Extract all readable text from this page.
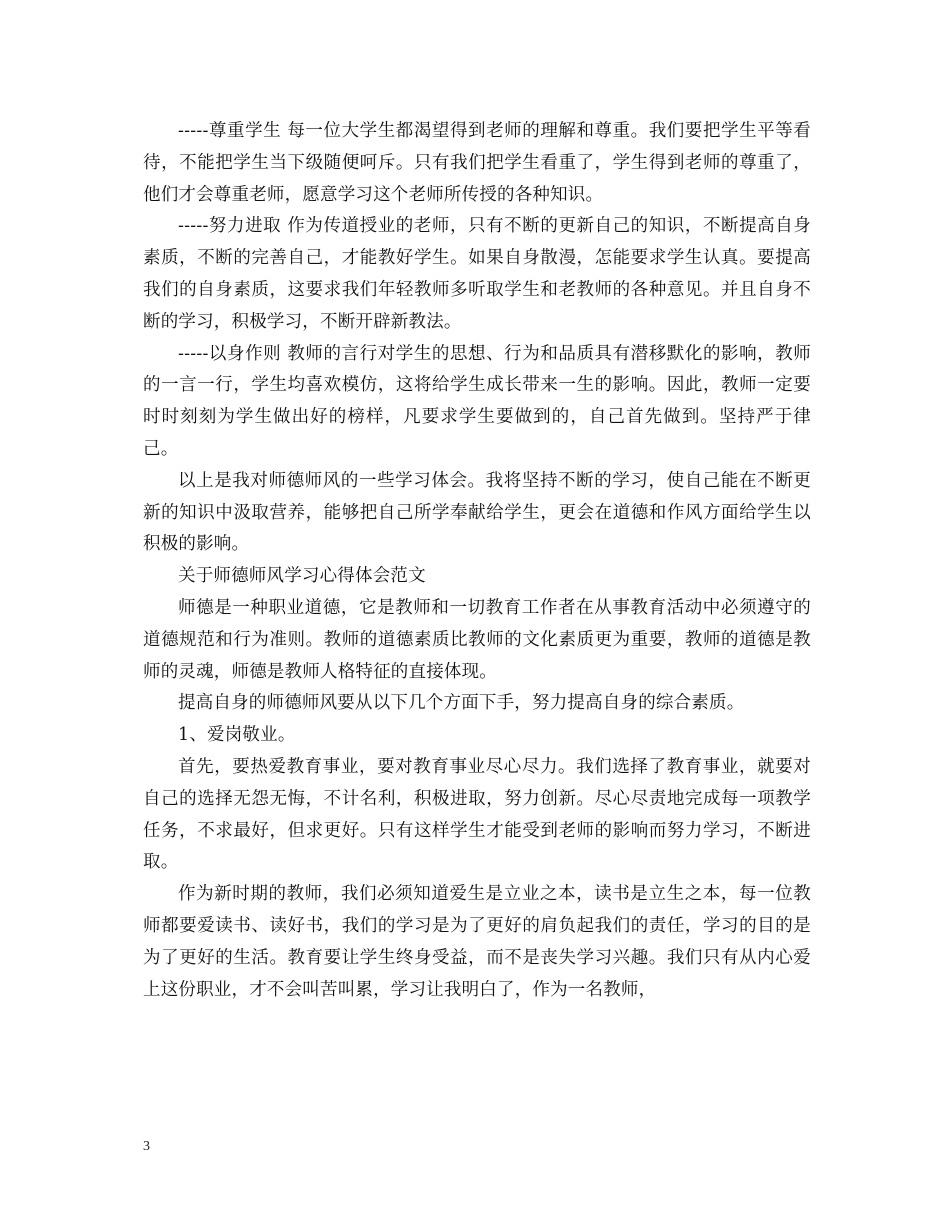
-----尊重学生 每一位大学生都渴望得到老师的理解和尊重。我们要把学生平等看待，不能把学生当下级随便呵斥。只有我们把学生看重了，学生得到老师的尊重了，他们才会尊重老师，愿意学习这个老师所传授的各种知识。

-----努力进取 作为传道授业的老师，只有不断的更新自己的知识，不断提高自身素质，不断的完善自己，才能教好学生。如果自身散漫，怎能要求学生认真。要提高我们的自身素质，这要求我们年轻教师多听取学生和老教师的各种意见。并且自身不断的学习，积极学习，不断开辟新教法。

-----以身作则 教师的言行对学生的思想、行为和品质具有潜移默化的影响，教师的一言一行，学生均喜欢模仿，这将给学生成长带来一生的影响。因此，教师一定要时时刻刻为学生做出好的榜样，凡要求学生要做到的，自己首先做到。坚持严于律己。

以上是我对师德师风的一些学习体会。我将坚持不断的学习，使自己能在不断更新的知识中汲取营养，能够把自己所学奉献给学生，更会在道德和作风方面给学生以积极的影响。

关于师德师风学习心得体会范文

师德是一种职业道德，它是教师和一切教育工作者在从事教育活动中必须遵守的道德规范和行为准则。教师的道德素质比教师的文化素质更为重要，教师的道德是教师的灵魂，师德是教师人格特征的直接体现。

提高自身的师德师风要从以下几个方面下手，努力提高自身的综合素质。

1、爱岗敬业。

首先，要热爱教育事业，要对教育事业尽心尽力。我们选择了教育事业，就要对自己的选择无怨无悔，不计名利，积极进取，努力创新。尽心尽责地完成每一项教学任务，不求最好，但求更好。只有这样学生才能受到老师的影响而努力学习，不断进取。

作为新时期的教师，我们必须知道爱生是立业之本，读书是立生之本，每一位教师都要爱读书、读好书，我们的学习是为了更好的肩负起我们的责任，学习的目的是为了更好的生活。教育要让学生终身受益，而不是丧失学习兴趣。我们只有从内心爱上这份职业，才不会叫苦叫累，学习让我明白了，作为一名教师，

3
